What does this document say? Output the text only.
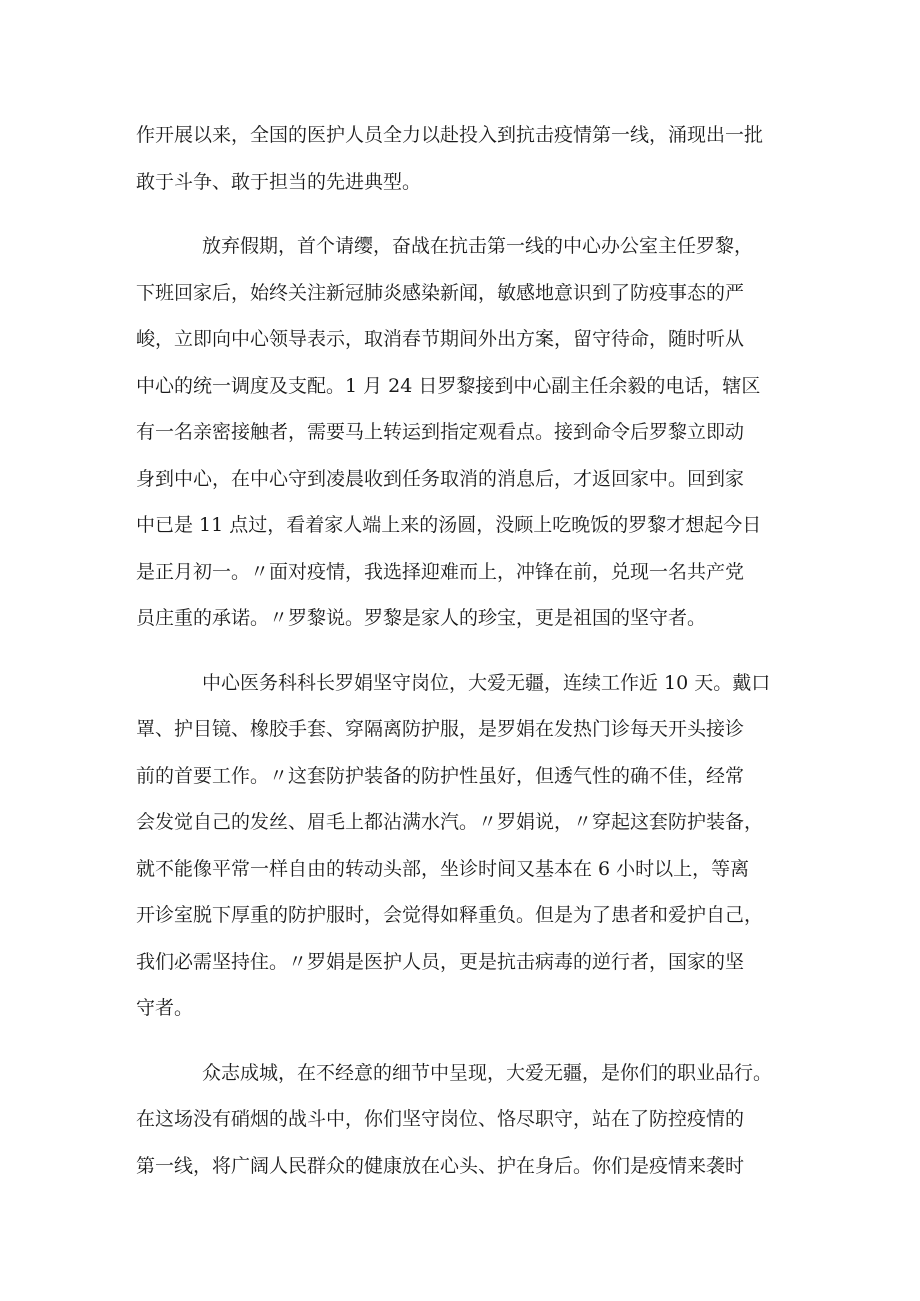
作开展以来，全国的医护人员全力以赴投入到抗击疫情第一线，涌现出一批
敢于斗争、敢于担当的先进典型。
放弃假期，首个请缨，奋战在抗击第一线的中心办公室主任罗黎，
下班回家后，始终关注新冠肺炎感染新闻，敏感地意识到了防疫事态的严
峻，立即向中心领导表示，取消春节期间外出方案，留守待命，随时听从
中心的统一调度及支配。1 月 24 日罗黎接到中心副主任余毅的电话，辖区
有一名亲密接触者，需要马上转运到指定观看点。接到命令后罗黎立即动
身到中心，在中心守到凌晨收到任务取消的消息后，才返回家中。回到家
中已是 11 点过，看着家人端上来的汤圆，没顾上吃晚饭的罗黎才想起今日
是正月初一。〃面对疫情，我选择迎难而上，冲锋在前，兑现一名共产党
员庄重的承诺。〃罗黎说。罗黎是家人的珍宝，更是祖国的坚守者。
中心医务科科长罗娟坚守岗位，大爱无疆，连续工作近 10 天。戴口
罩、护目镜、橡胶手套、穿隔离防护服，是罗娟在发热门诊每天开头接诊
前的首要工作。〃这套防护装备的防护性虽好，但透气性的确不佳，经常
会发觉自己的发丝、眉毛上都沾满水汽。〃罗娟说，〃穿起这套防护装备，
就不能像平常一样自由的转动头部，坐诊时间又基本在 6 小时以上，等离
开诊室脱下厚重的防护服时，会觉得如释重负。但是为了患者和爱护自己，
我们必需坚持住。〃罗娟是医护人员，更是抗击病毒的逆行者，国家的坚
守者。
众志成城，在不经意的细节中呈现，大爱无疆，是你们的职业品行。
在这场没有硝烟的战斗中，你们坚守岗位、恪尽职守，站在了防控疫情的
第一线，将广阔人民群众的健康放在心头、护在身后。你们是疫情来袭时
